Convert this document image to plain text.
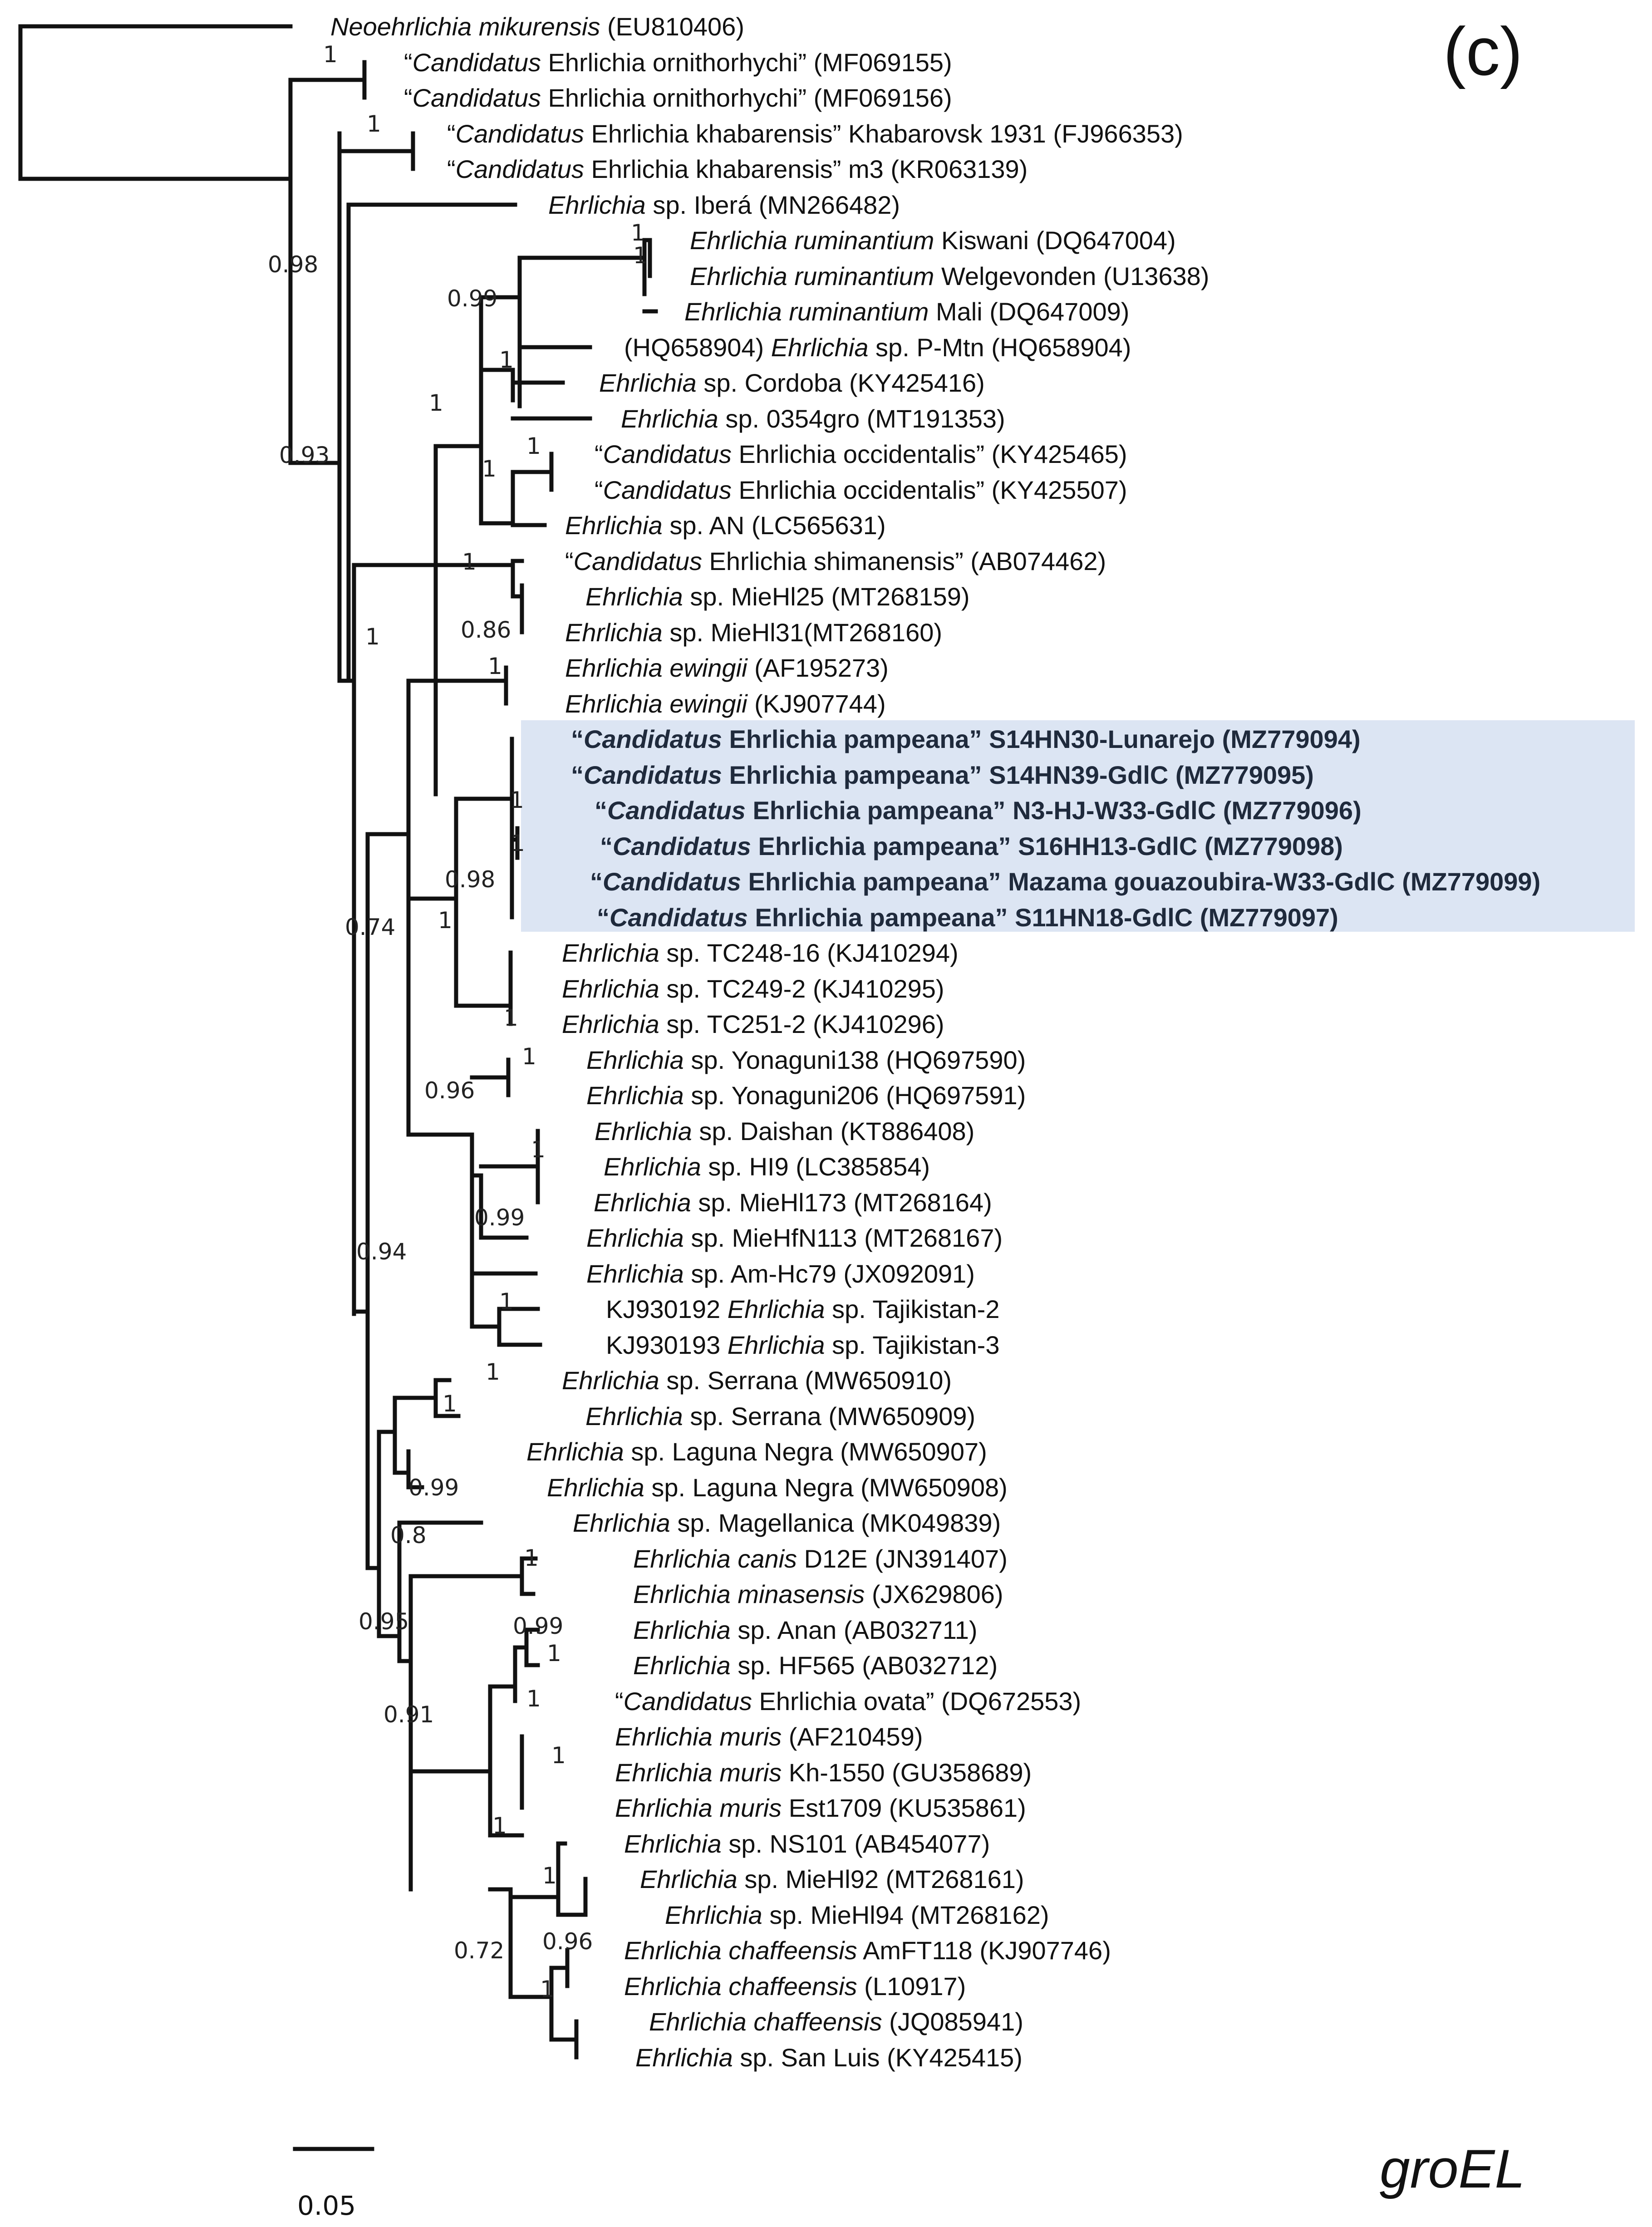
1
1
0.98
0.93
1
1
0.99
1
1
1
1
1
0.86
1
1
1
1
0.98
0.74 1
1
1
0.96
1
0.99
0.94
1
1
1
0.99
0.8
0.95
1
0.99
1
0.91
1
1
1
1
0.72 0.96
1
Neoehrlichia mikurensis (EU810406)
“Candidatus Ehrlichia ornithorhychi” (MF069155)
“Candidatus Ehrlichia ornithorhychi” (MF069156)
“Candidatus Ehrlichia khabarensis” Khabarovsk 1931 (FJ966353)
“Candidatus Ehrlichia khabarensis” m3 (KR063139)
Ehrlichia sp. Iberá (MN266482)
Ehrlichia ruminantium Kiswani (DQ647004)
Ehrlichia ruminantium Welgevonden (U13638)
Ehrlichia ruminantium Mali (DQ647009)
(HQ658904) Ehrlichia sp. P-Mtn (HQ658904)
Ehrlichia sp. Cordoba (KY425416)
Ehrlichia sp. 0354gro (MT191353)
“Candidatus Ehrlichia occidentalis” (KY425465)
“Candidatus Ehrlichia occidentalis” (KY425507)
Ehrlichia sp. AN (LC565631)
“Candidatus Ehrlichia shimanensis” (AB074462)
Ehrlichia sp. MieHl25 (MT268159)
Ehrlichia sp. MieHl31(MT268160)
Ehrlichia ewingii (AF195273)
Ehrlichia ewingii (KJ907744)
“Candidatus Ehrlichia pampeana” S14HN30-Lunarejo (MZ779094)
“Candidatus Ehrlichia pampeana” S14HN39-GdlC (MZ779095)
“Candidatus Ehrlichia pampeana” N3-HJ-W33-GdlC (MZ779096)
“Candidatus Ehrlichia pampeana” S16HH13-GdlC (MZ779098)
“Candidatus Ehrlichia pampeana” Mazama gouazoubira-W33-GdlC (MZ779099)
“Candidatus Ehrlichia pampeana” S11HN18-GdlC (MZ779097)
Ehrlichia sp. TC248-16 (KJ410294)
Ehrlichia sp. TC249-2 (KJ410295)
Ehrlichia sp. TC251-2 (KJ410296)
Ehrlichia sp. Yonaguni138 (HQ697590)
Ehrlichia sp. Yonaguni206 (HQ697591)
Ehrlichia sp. Daishan (KT886408)
Ehrlichia sp. HI9 (LC385854)
Ehrlichia sp. MieHl173 (MT268164)
Ehrlichia sp. MieHfN113 (MT268167)
Ehrlichia sp. Am-Hc79 (JX092091)
KJ930192 Ehrlichia sp. Tajikistan-2
KJ930193 Ehrlichia sp. Tajikistan-3
Ehrlichia sp. Serrana (MW650910)
Ehrlichia sp. Serrana (MW650909)
Ehrlichia sp. Laguna Negra (MW650907)
Ehrlichia sp. Laguna Negra (MW650908)
Ehrlichia sp. Magellanica (MK049839)
Ehrlichia canis D12E (JN391407)
Ehrlichia minasensis (JX629806)
Ehrlichia sp. Anan (AB032711)
Ehrlichia sp. HF565 (AB032712)
“Candidatus Ehrlichia ovata” (DQ672553)
Ehrlichia muris (AF210459)
Ehrlichia muris Kh-1550 (GU358689)
Ehrlichia muris Est1709 (KU535861)
Ehrlichia sp. NS101 (AB454077)
Ehrlichia sp. MieHl92 (MT268161)
Ehrlichia sp. MieHl94 (MT268162)
Ehrlichia chaffeensis AmFT118 (KJ907746)
Ehrlichia chaffeensis (L10917)
Ehrlichia chaffeensis (JQ085941)
Ehrlichia sp. San Luis (KY425415)
(c)
0.05
groEL
